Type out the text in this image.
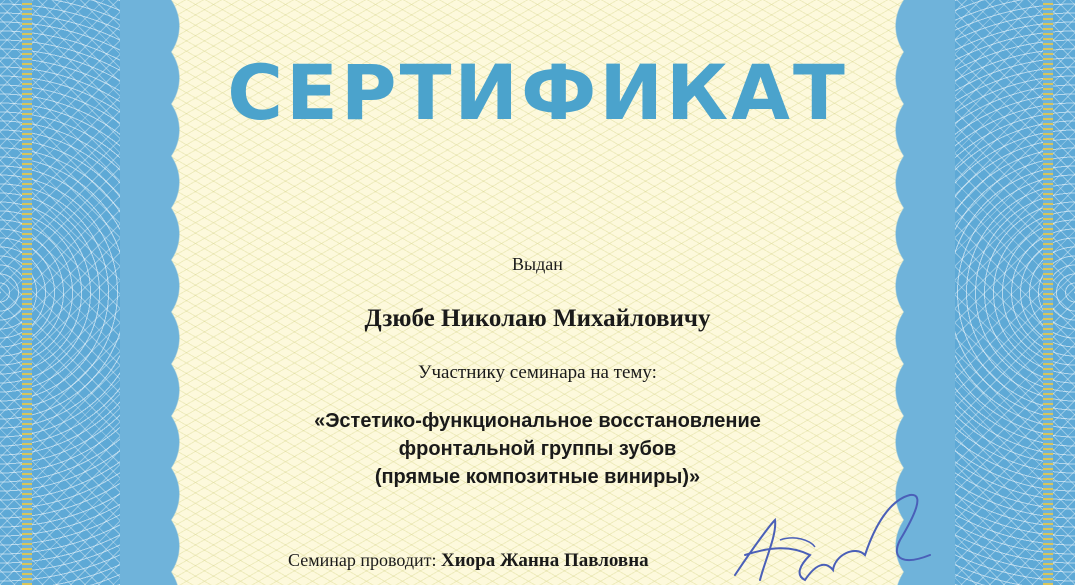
СЕРТИФИКАТ
Выдан
Дзюбе Николаю Михайловичу
Участнику семинара на тему:
«Эстетико-функциональное восстановление
фронтальной группы зубов
(прямые композитные виниры)»
Семинар проводит: Хиора Жанна Павловна
